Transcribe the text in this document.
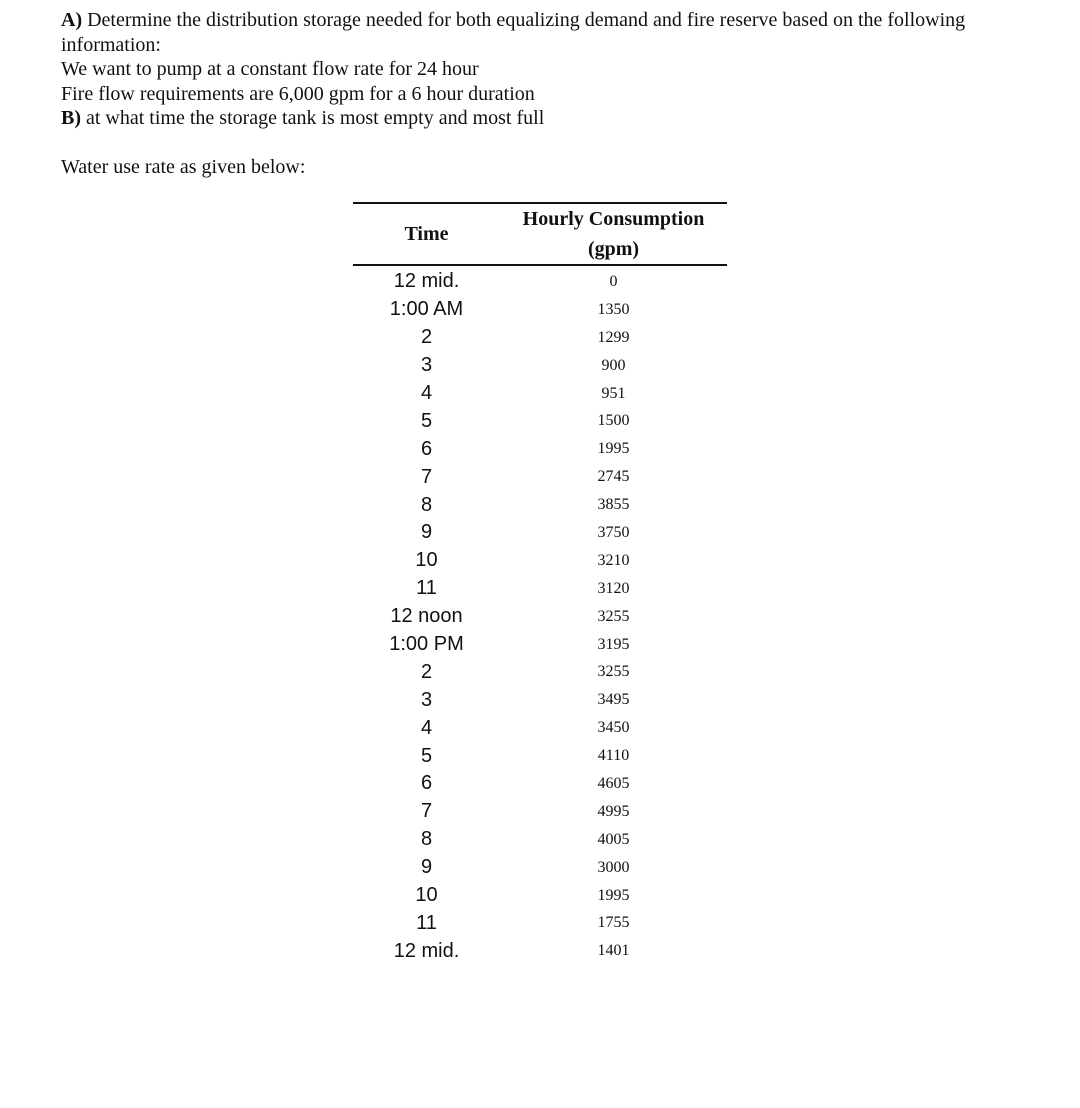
A) Determine the distribution storage needed for both equalizing demand and fire reserve based on the following information:

We want to pump at a constant flow rate for 24 hour

Fire flow requirements are 6,000 gpm for a 6 hour duration

B) at what time the storage tank is most empty and most full

Water use rate as given below:

Time	Hourly Consumption
(gpm)

12 mid.	0
1:00 AM	1350
2	1299
3	900
4	951
5	1500
6	1995
7	2745
8	3855
9	3750
10	3210
11	3120
12 noon	3255
1:00 PM	3195
2	3255
3	3495
4	3450
5	4110
6	4605
7	4995
8	4005
9	3000
10	1995
11	1755
12 mid.	1401
